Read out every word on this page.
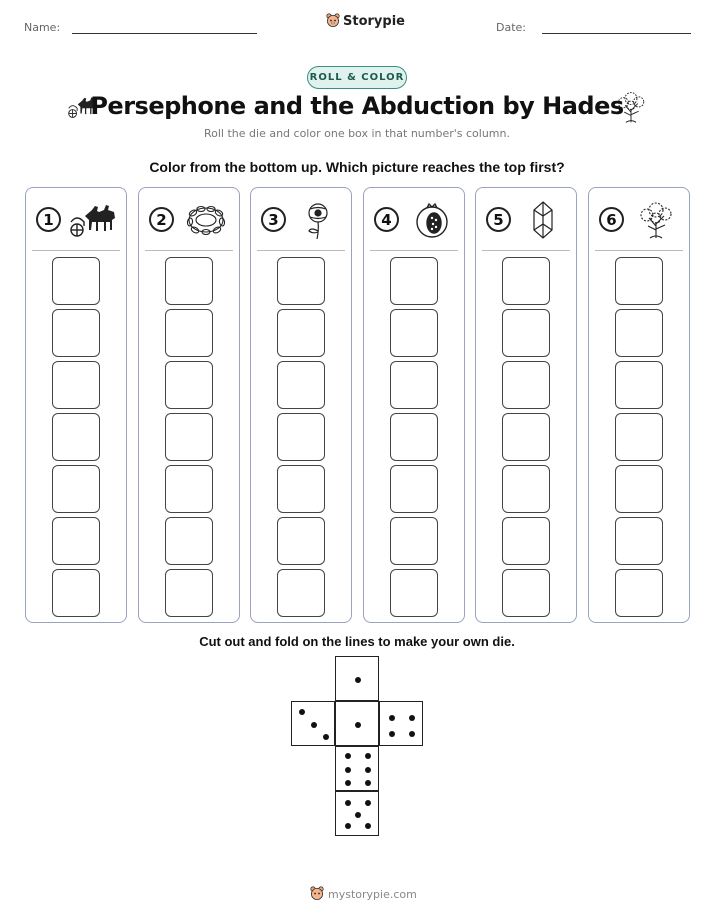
Name:	Storypie	Date:
ROLL & COLOR
Persephone and the Abduction by Hades
Roll the die and color one box in that number's column.
Color from the bottom up. Which picture reaches the top first?
1	2	3	4	5	6
Cut out and fold on the lines to make your own die.
mystorypie.com
